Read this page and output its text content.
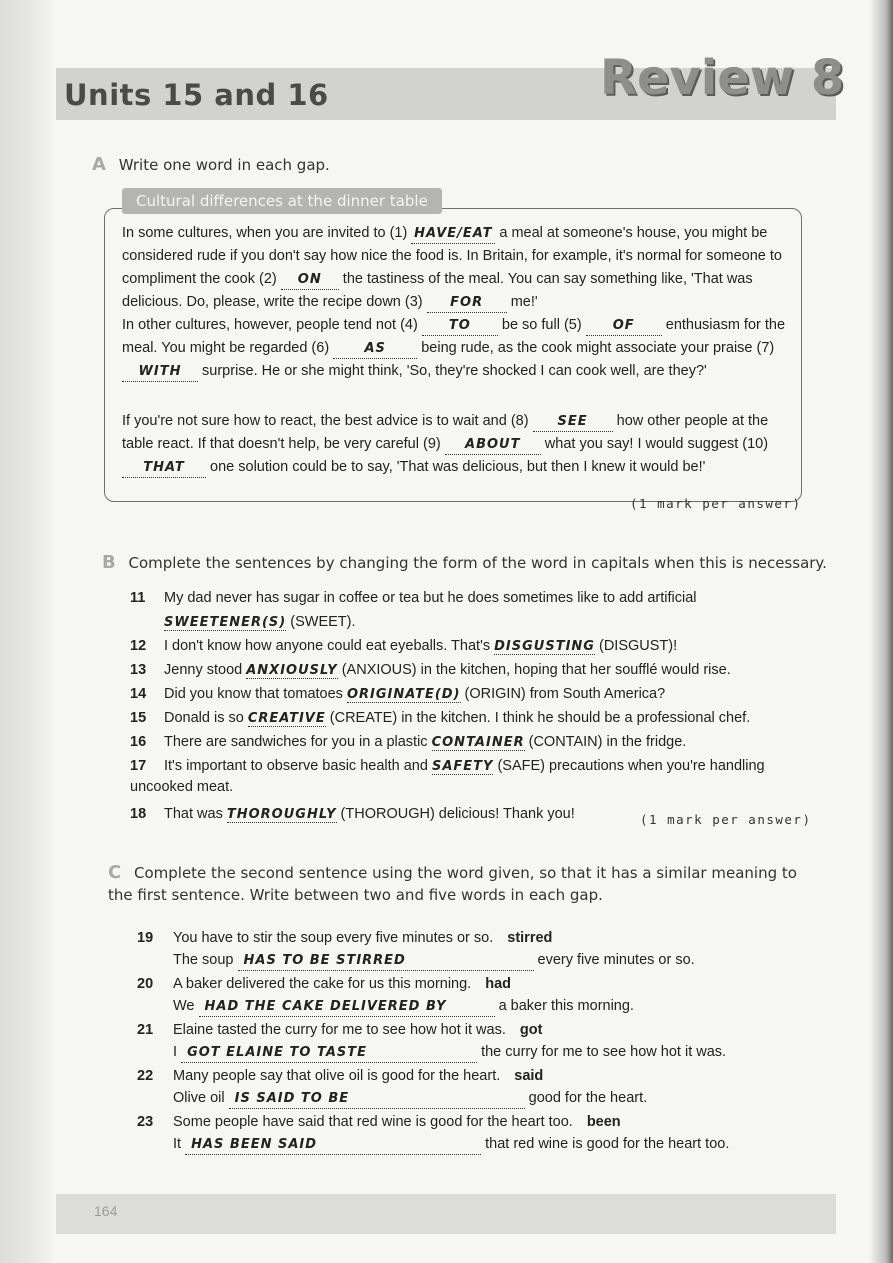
Units 15 and 16	Review 8
A Write one word in each gap.
Cultural differences at the dinner table

In some cultures, when you are invited to (1) HAVE/EAT a meal at someone's house, you might be considered rude if you don't say how nice the food is. In Britain, for example, it's normal for someone to compliment the cook (2) ON the tastiness of the meal. You can say something like, 'That was delicious. Do, please, write the recipe down (3) FOR me!'

In other cultures, however, people tend not (4) TO be so full (5) OF enthusiasm for the meal. You might be regarded (6)	AS being rude, as the cook might associate your praise (7) WITH surprise. He or she might think, 'So, they're shocked I can cook well, are they?'

If you're not sure how to react, the best advice is to wait and (8) SEE how other people at the table react. If that doesn't help, be very careful (9) ABOUT what you say! I would suggest (10) THAT one solution could be to say, 'That was delicious, but then I knew it would be!'

(1 mark per answer)
B Complete the sentences by changing the form of the word in capitals when this is necessary.
11 My dad never has sugar in coffee or tea but he does sometimes like to add artificial
SWEETENER(S) (SWEET).
12 I don't know how anyone could eat eyeballs. That's DISGUSTING (DISGUST)!
13 Jenny stood ANXIOUSLY (ANXIOUS) in the kitchen, hoping that her soufflé would rise.
14 Did you know that tomatoes ORIGINATE(D) (ORIGIN) from South America?
15 Donald is so CREATIVE (CREATE) in the kitchen. I think he should be a professional chef.
16 There are sandwiches for you in a plastic CONTAINER (CONTAIN) in the fridge.
17 It's important to observe basic health and SAFETY (SAFE) precautions when you're handling uncooked meat.
18 That was THOROUGHLY (THOROUGH) delicious! Thank you!	(1 mark per answer)
C Complete the second sentence using the word given, so that it has a similar meaning to the first sentence. Write between two and five words in each gap.
19 You have to stir the soup every five minutes or so. stirred
The soup HAS TO BE STIRRED	every five minutes or so.
20 A baker delivered the cake for us this morning. had
We HAD THE CAKE DELIVERED BY	a baker this morning.
21 Elaine tasted the curry for me to see how hot it was. got
I GOT ELAINE TO TASTE	the curry for me to see how hot it was.
22 Many people say that olive oil is good for the heart. said
Olive oil IS SAID TO BE	good for the heart.
23 Some people have said that red wine is good for the heart too. been
It HAS BEEN SAID	that red wine is good for the heart too.
164
